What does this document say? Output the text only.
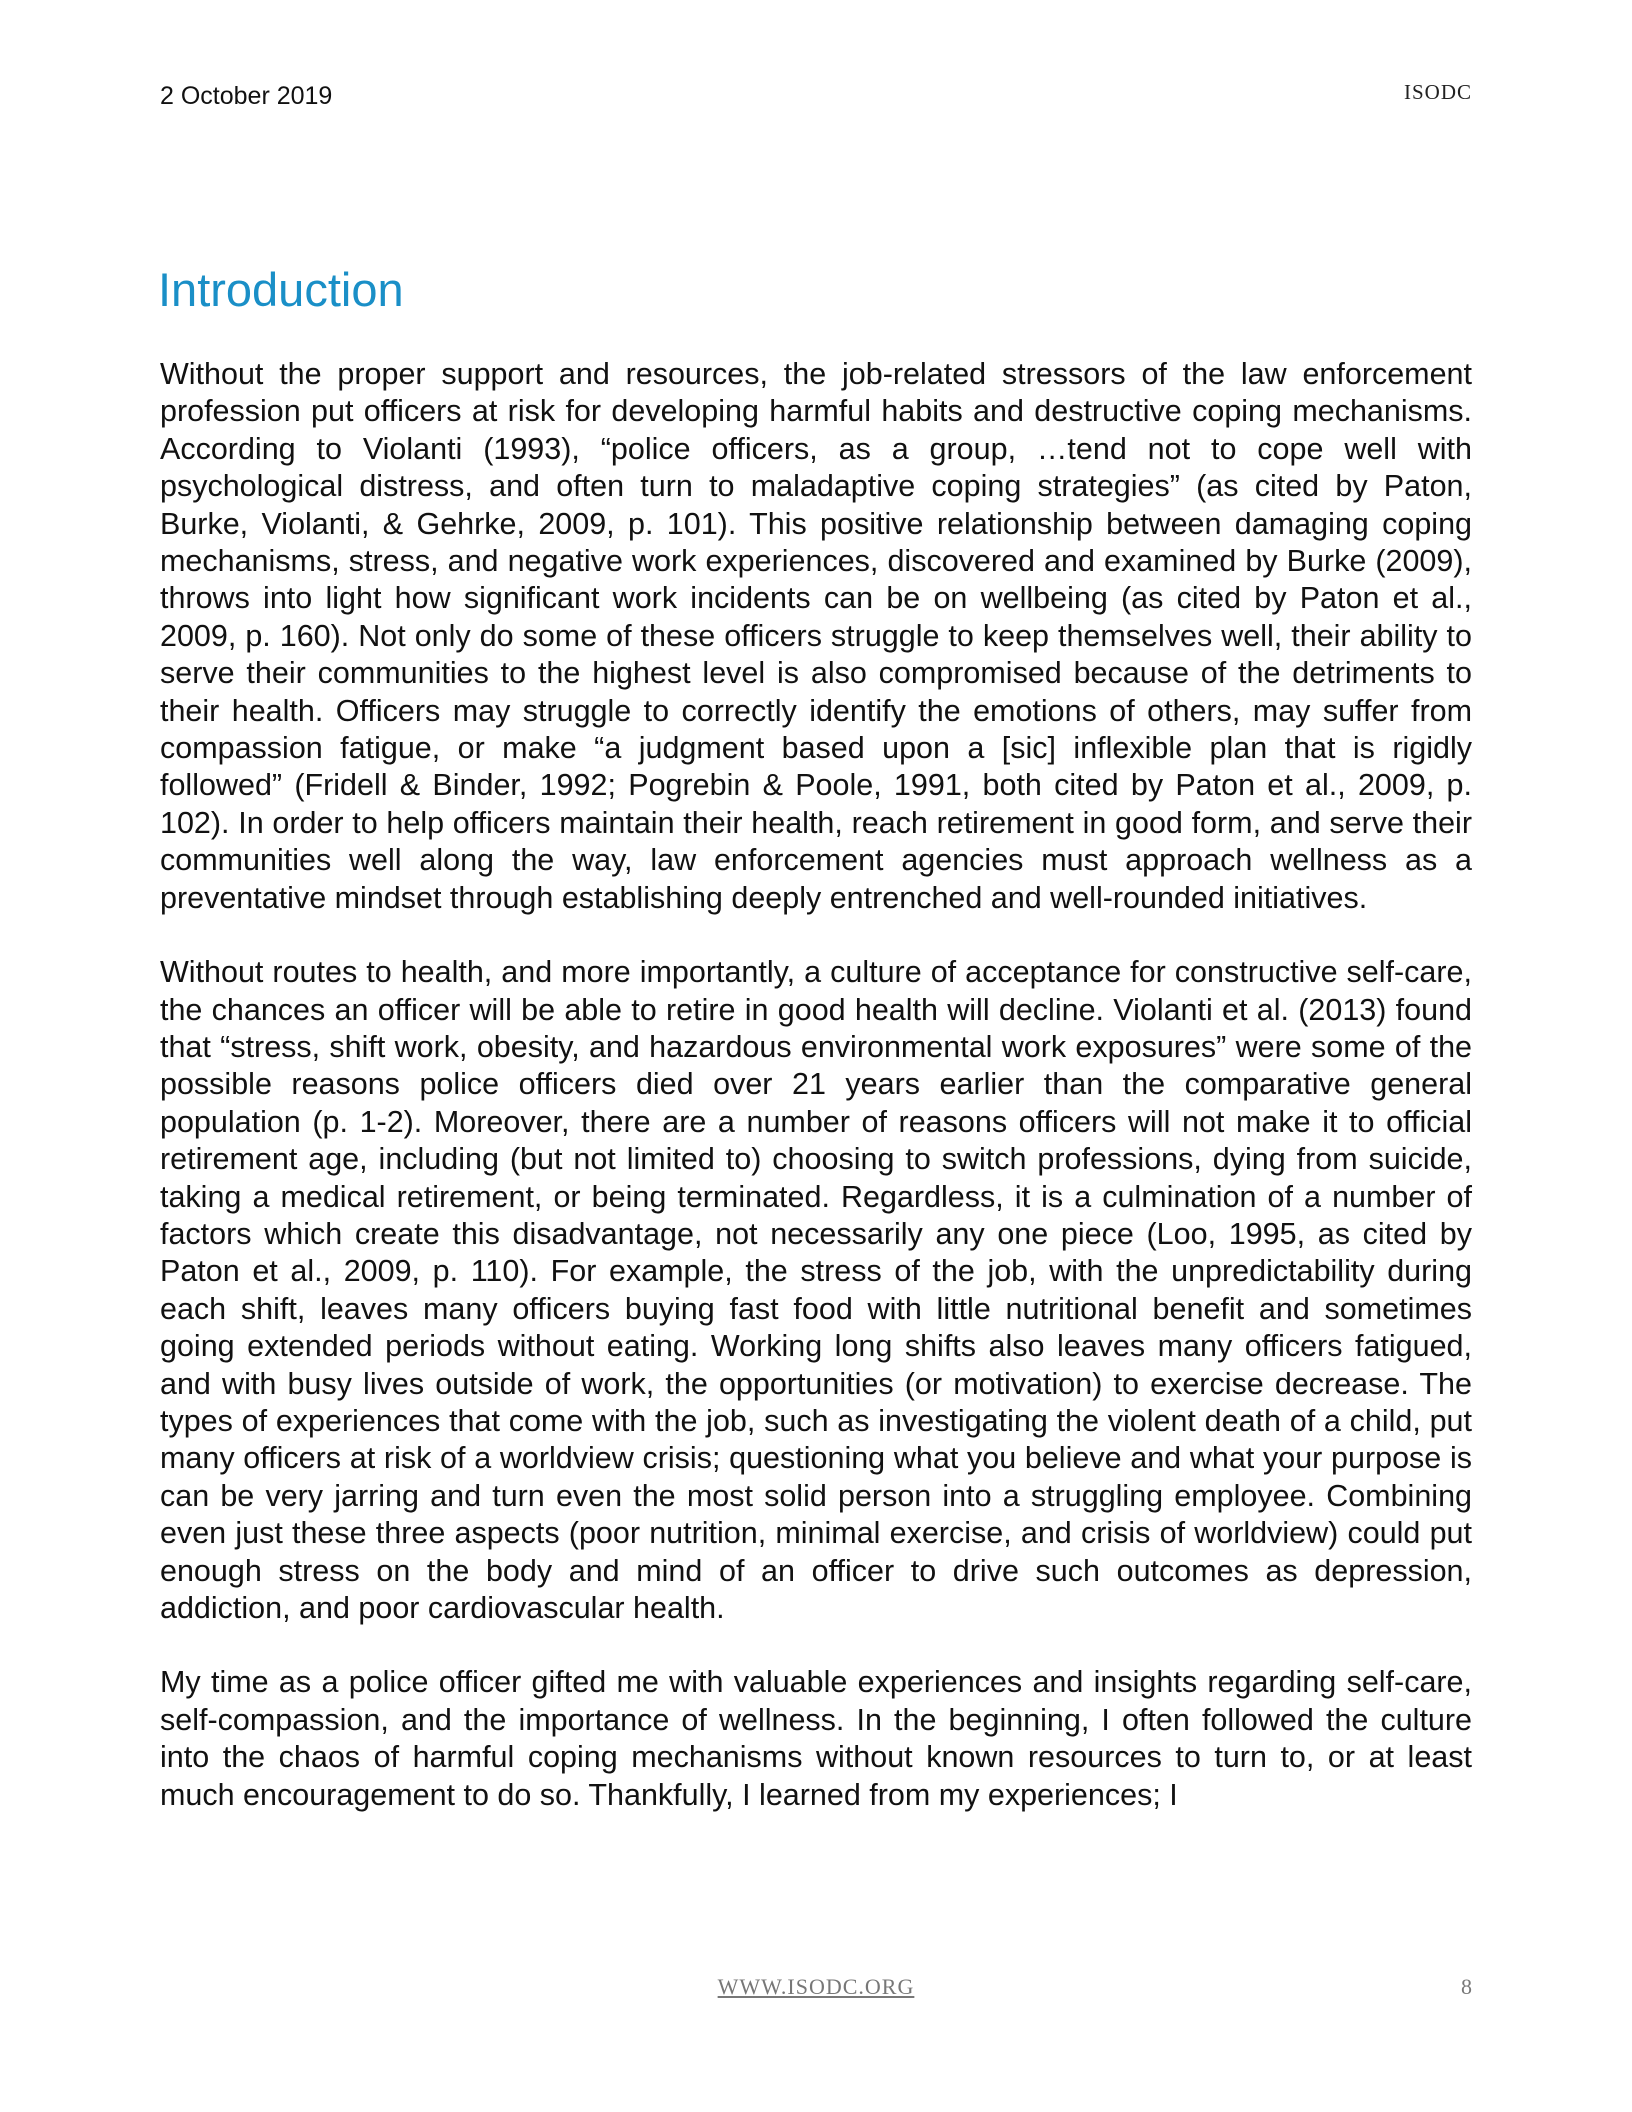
2 October 2019	ISODC
Introduction

Without the proper support and resources, the job-related stressors of the law enforcement profession put officers at risk for developing harmful habits and destructive coping mechanisms. According to Violanti (1993), “police officers, as a group, …tend not to cope well with psychological distress, and often turn to maladaptive coping strategies” (as cited by Paton, Burke, Violanti, & Gehrke, 2009, p. 101). This positive relationship between damaging coping mechanisms, stress, and negative work experiences, discovered and examined by Burke (2009), throws into light how significant work incidents can be on wellbeing (as cited by Paton et al., 2009, p. 160). Not only do some of these officers struggle to keep themselves well, their ability to serve their communities to the highest level is also compromised because of the detriments to their health. Officers may struggle to correctly identify the emotions of others, may suffer from compassion fatigue, or make “a judgment based upon a [sic] inflexible plan that is rigidly followed” (Fridell & Binder, 1992; Pogrebin & Poole, 1991, both cited by Paton et al., 2009, p. 102). In order to help officers maintain their health, reach retirement in good form, and serve their communities well along the way, law enforcement agencies must approach wellness as a preventative mindset through establishing deeply entrenched and well-rounded initiatives.

Without routes to health, and more importantly, a culture of acceptance for constructive self-care, the chances an officer will be able to retire in good health will decline. Violanti et al. (2013) found that “stress, shift work, obesity, and hazardous environmental work exposures” were some of the possible reasons police officers died over 21 years earlier than the comparative general population (p. 1-2). Moreover, there are a number of reasons officers will not make it to official retirement age, including (but not limited to) choosing to switch professions, dying from suicide, taking a medical retirement, or being terminated. Regardless, it is a culmination of a number of factors which create this disadvantage, not necessarily any one piece (Loo, 1995, as cited by Paton et al., 2009, p. 110). For example, the stress of the job, with the unpredictability during each shift, leaves many officers buying fast food with little nutritional benefit and sometimes going extended periods without eating. Working long shifts also leaves many officers fatigued, and with busy lives outside of work, the opportunities (or motivation) to exercise decrease. The types of experiences that come with the job, such as investigating the violent death of a child, put many officers at risk of a worldview crisis; questioning what you believe and what your purpose is can be very jarring and turn even the most solid person into a struggling employee. Combining even just these three aspects (poor nutrition, minimal exercise, and crisis of worldview) could put enough stress on the body and mind of an officer to drive such outcomes as depression, addiction, and poor cardiovascular health.

My time as a police officer gifted me with valuable experiences and insights regarding self-care, self-compassion, and the importance of wellness. In the beginning, I often followed the culture into the chaos of harmful coping mechanisms without known resources to turn to, or at least much encouragement to do so. Thankfully, I learned from my experiences; I

WWW.ISODC.ORG	8
